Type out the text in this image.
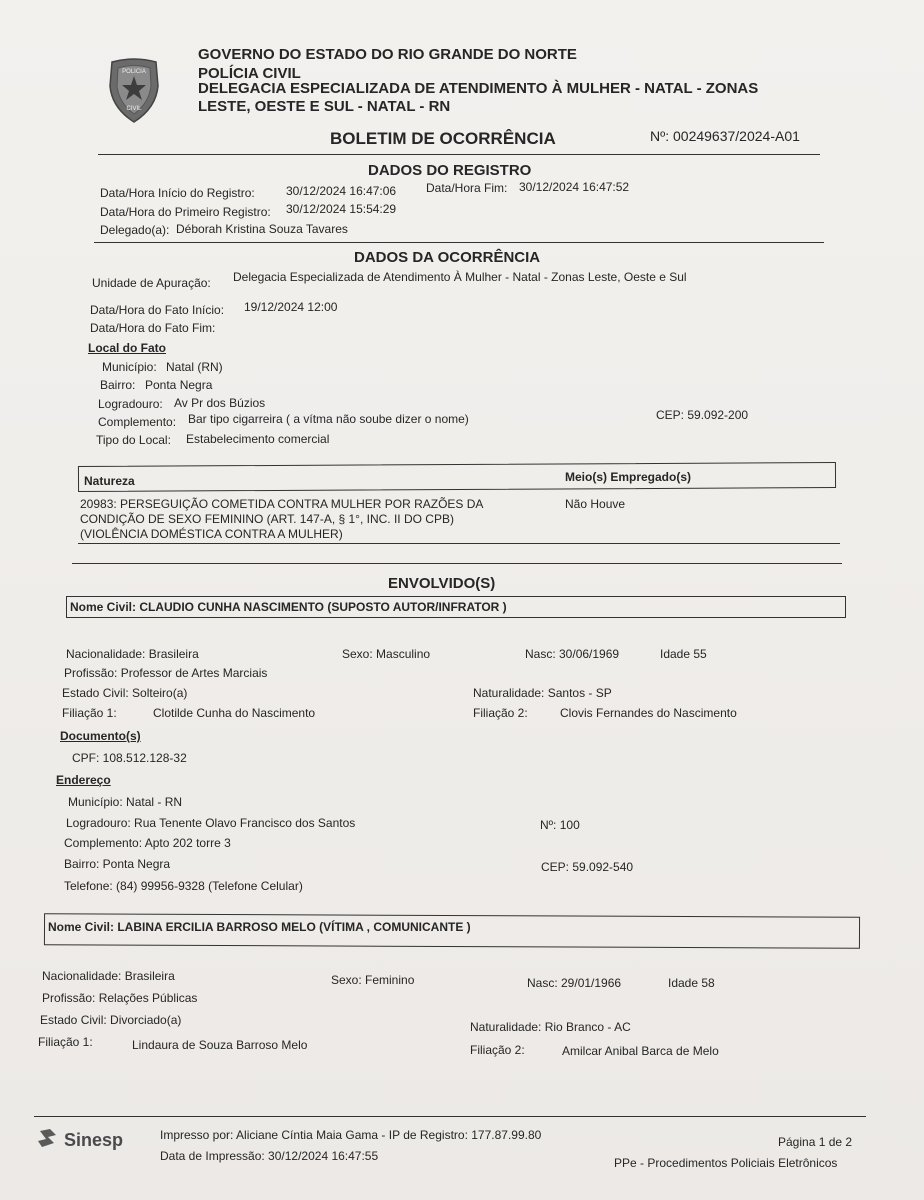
POLICIA
CIVIL
GOVERNO DO ESTADO DO RIO GRANDE DO NORTE
POLÍCIA CIVIL
DELEGACIA ESPECIALIZADA DE ATENDIMENTO À MULHER - NATAL - ZONAS
LESTE, OESTE E SUL - NATAL - RN
BOLETIM DE OCORRÊNCIA	Nº: 00249637/2024-A01
DADOS DO REGISTRO
Data/Hora Início do Registro:	30/12/2024 16:47:06 Data/Hora Fim: 30/12/2024 16:47:52
Data/Hora do Primeiro Registro: 30/12/2024 15:54:29
Delegado(a): Déborah Kristina Souza Tavares
DADOS DA OCORRÊNCIA
Unidade de Apuração: Delegacia Especializada de Atendimento À Mulher - Natal - Zonas Leste, Oeste e Sul
Data/Hora do Fato Início: 19/12/2024 12:00
Data/Hora do Fato Fim:
Local do Fato
Município: Natal (RN)
Bairro: Ponta Negra
Logradouro: Av Pr dos Búzios
Complemento: Bar tipo cigarreira ( a vítma não soube dizer o nome)	CEP: 59.092-200
Tipo do Local: Estabelecimento comercial
Natureza	Meio(s) Empregado(s)
20983: PERSEGUIÇÃO COMETIDA CONTRA MULHER POR RAZÕES DA
CONDIÇÃO DE SEXO FEMININO (ART. 147-A, § 1°, INC. II DO CPB)
(VIOLÊNCIA DOMÉSTICA CONTRA A MULHER)
Não Houve
ENVOLVIDO(S)
Nome Civil: CLAUDIO CUNHA NASCIMENTO (SUPOSTO AUTOR/INFRATOR )
Nacionalidade: Brasileira	Sexo: Masculino	Nasc: 30/06/1969	Idade 55
Profissão: Professor de Artes Marciais
Estado Civil: Solteiro(a)	Naturalidade: Santos - SP
Filiação 1:	Clotilde Cunha do Nascimento	Filiação 2:	Clovis Fernandes do Nascimento
Documento(s)
CPF: 108.512.128-32
Endereço
Município: Natal - RN
Logradouro: Rua Tenente Olavo Francisco dos Santos	Nº: 100
Complemento: Apto 202 torre 3
Bairro: Ponta Negra	CEP: 59.092-540
Telefone: (84) 99956-9328 (Telefone Celular)
Nome Civil: LABINA ERCILIA BARROSO MELO (VÍTIMA , COMUNICANTE )
Nacionalidade: Brasileira	Sexo: Feminino	Nasc: 29/01/1966	Idade 58
Profissão: Relações Públicas
Estado Civil: Divorciado(a)	Naturalidade: Rio Branco - AC
Filiação 1:	Lindaura de Souza Barroso Melo	Filiação 2:	Amilcar Anibal Barca de Melo
Sinesp	Impresso por: Aliciane Cíntia Maia Gama - IP de Registro: 177.87.99.80
Data de Impressão: 30/12/2024 16:47:55
Página 1 de 2
PPe - Procedimentos Policiais Eletrônicos
